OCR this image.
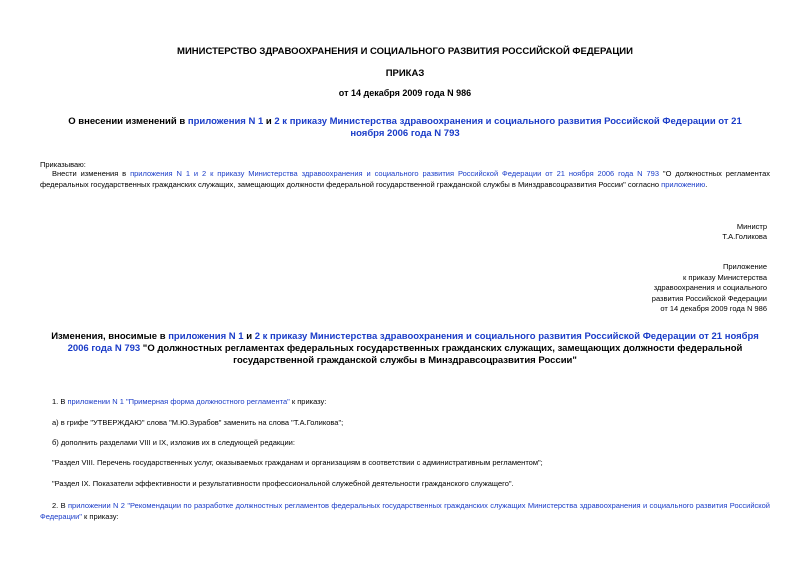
МИНИСТЕРСТВО ЗДРАВООХРАНЕНИЯ И СОЦИАЛЬНОГО РАЗВИТИЯ РОССИЙСКОЙ ФЕДЕРАЦИИ
ПРИКАЗ
от 14 декабря 2009 года N 986
О внесении изменений в приложения N 1 и 2 к приказу Министерства здравоохранения и социального развития Российской Федерации от 21 ноября 2006 года N 793
Приказываю:
Внести изменения в приложения N 1 и 2 к приказу Министерства здравоохранения и социального развития Российской Федерации от 21 ноября 2006 года N 793 "О должностных регламентах федеральных государственных гражданских служащих, замещающих должности федеральной государственной гражданской службы в Минздравсоцразвития России" согласно приложению.
Министр
Т.А.Голикова
Приложение
к приказу Министерства
здравоохранения и социального
развития Российской Федерации
от 14 декабря 2009 года N 986
Изменения, вносимые в приложения N 1 и 2 к приказу Министерства здравоохранения и социального развития Российской Федерации от 21 ноября 2006 года N 793 "О должностных регламентах федеральных государственных гражданских служащих, замещающих должности федеральной государственной гражданской службы в Минздравсоцразвития России"
1. В приложении N 1 "Примерная форма должностного регламента" к приказу:
а) в грифе "УТВЕРЖДАЮ" слова "М.Ю.Зурабов" заменить на слова "Т.А.Голикова";
б) дополнить разделами VIII и IX, изложив их в следующей редакции:
"Раздел VIII. Перечень государственных услуг, оказываемых гражданам и организациям в соответствии с административным регламентом";
"Раздел IX. Показатели эффективности и результативности профессиональной служебной деятельности гражданского служащего".
2. В приложении N 2 "Рекомендации по разработке должностных регламентов федеральных государственных гражданских служащих Министерства здравоохранения и социального развития Российской Федерации" к приказу:
